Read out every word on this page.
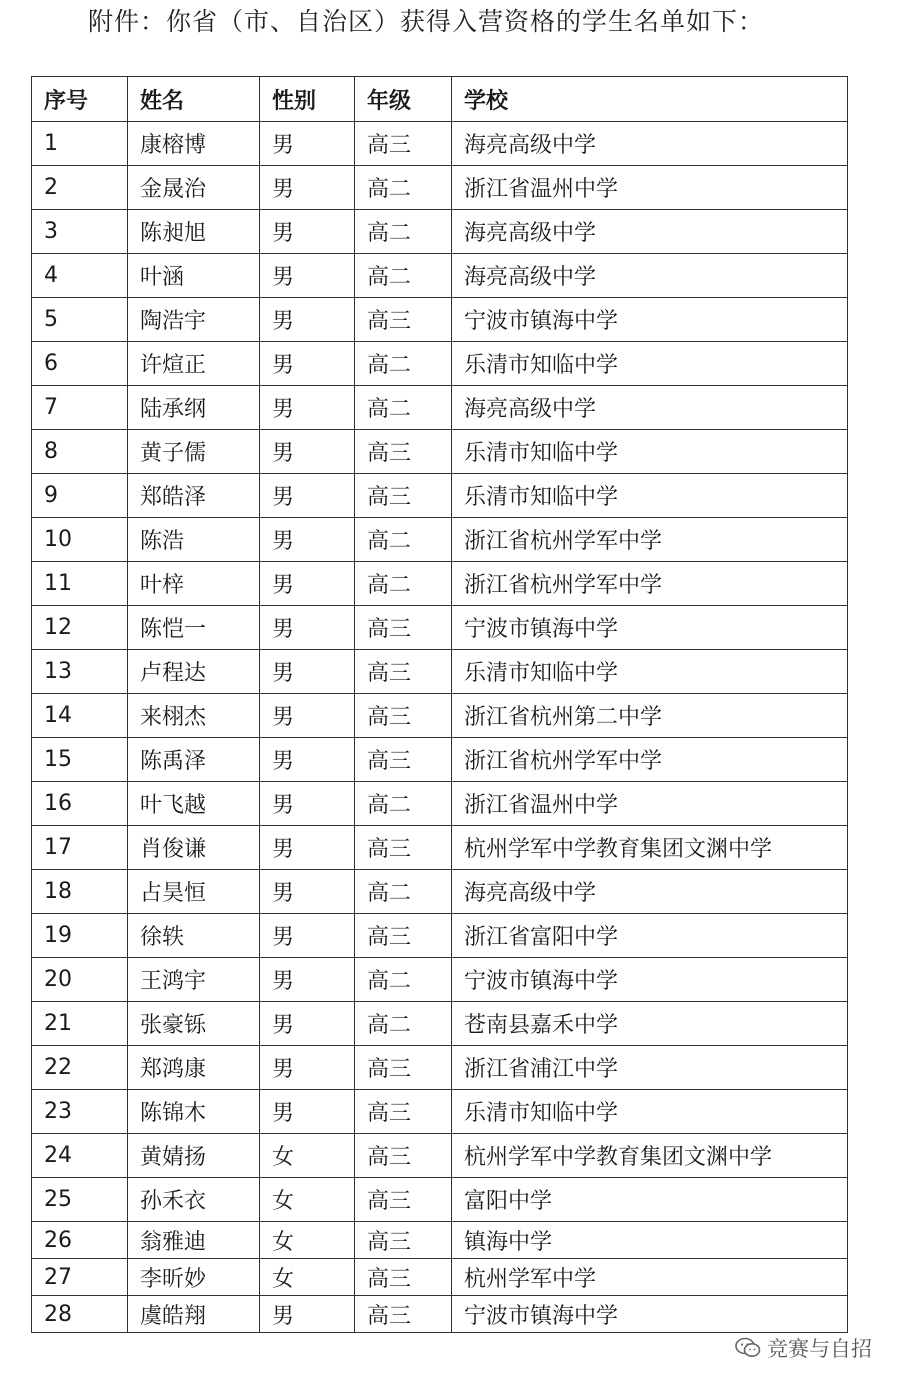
附件：你省（市、自治区）获得入营资格的学生名单如下：
序号	姓名	性别	年级	学校
1	康榕博	男	高三	海亮高级中学
2	金晟治	男	高二	浙江省温州中学
3	陈昶旭	男	高二	海亮高级中学
4	叶涵	男	高二	海亮高级中学
5	陶浩宇	男	高三	宁波市镇海中学
6	许煊正	男	高二	乐清市知临中学
7	陆承纲	男	高二	海亮高级中学
8	黄子儒	男	高三	乐清市知临中学
9	郑皓泽	男	高三	乐清市知临中学
10	陈浩	男	高二	浙江省杭州学军中学
11	叶梓	男	高二	浙江省杭州学军中学
12	陈恺一	男	高三	宁波市镇海中学
13	卢程达	男	高三	乐清市知临中学
14	来栩杰	男	高三	浙江省杭州第二中学
15	陈禹泽	男	高三	浙江省杭州学军中学
16	叶飞越	男	高二	浙江省温州中学
17	肖俊谦	男	高三	杭州学军中学教育集团文渊中学
18	占昊恒	男	高二	海亮高级中学
19	徐轶	男	高三	浙江省富阳中学
20	王鸿宇	男	高二	宁波市镇海中学
21	张豪铄	男	高二	苍南县嘉禾中学
22	郑鸿康	男	高三	浙江省浦江中学
23	陈锦木	男	高三	乐清市知临中学
24	黄婧扬	女	高三	杭州学军中学教育集团文渊中学
25	孙禾衣	女	高三	富阳中学
26	翁雅迪	女	高三	镇海中学
27	李昕妙	女	高三	杭州学军中学
28	虞皓翔	男	高三	宁波市镇海中学
竞赛与自招
